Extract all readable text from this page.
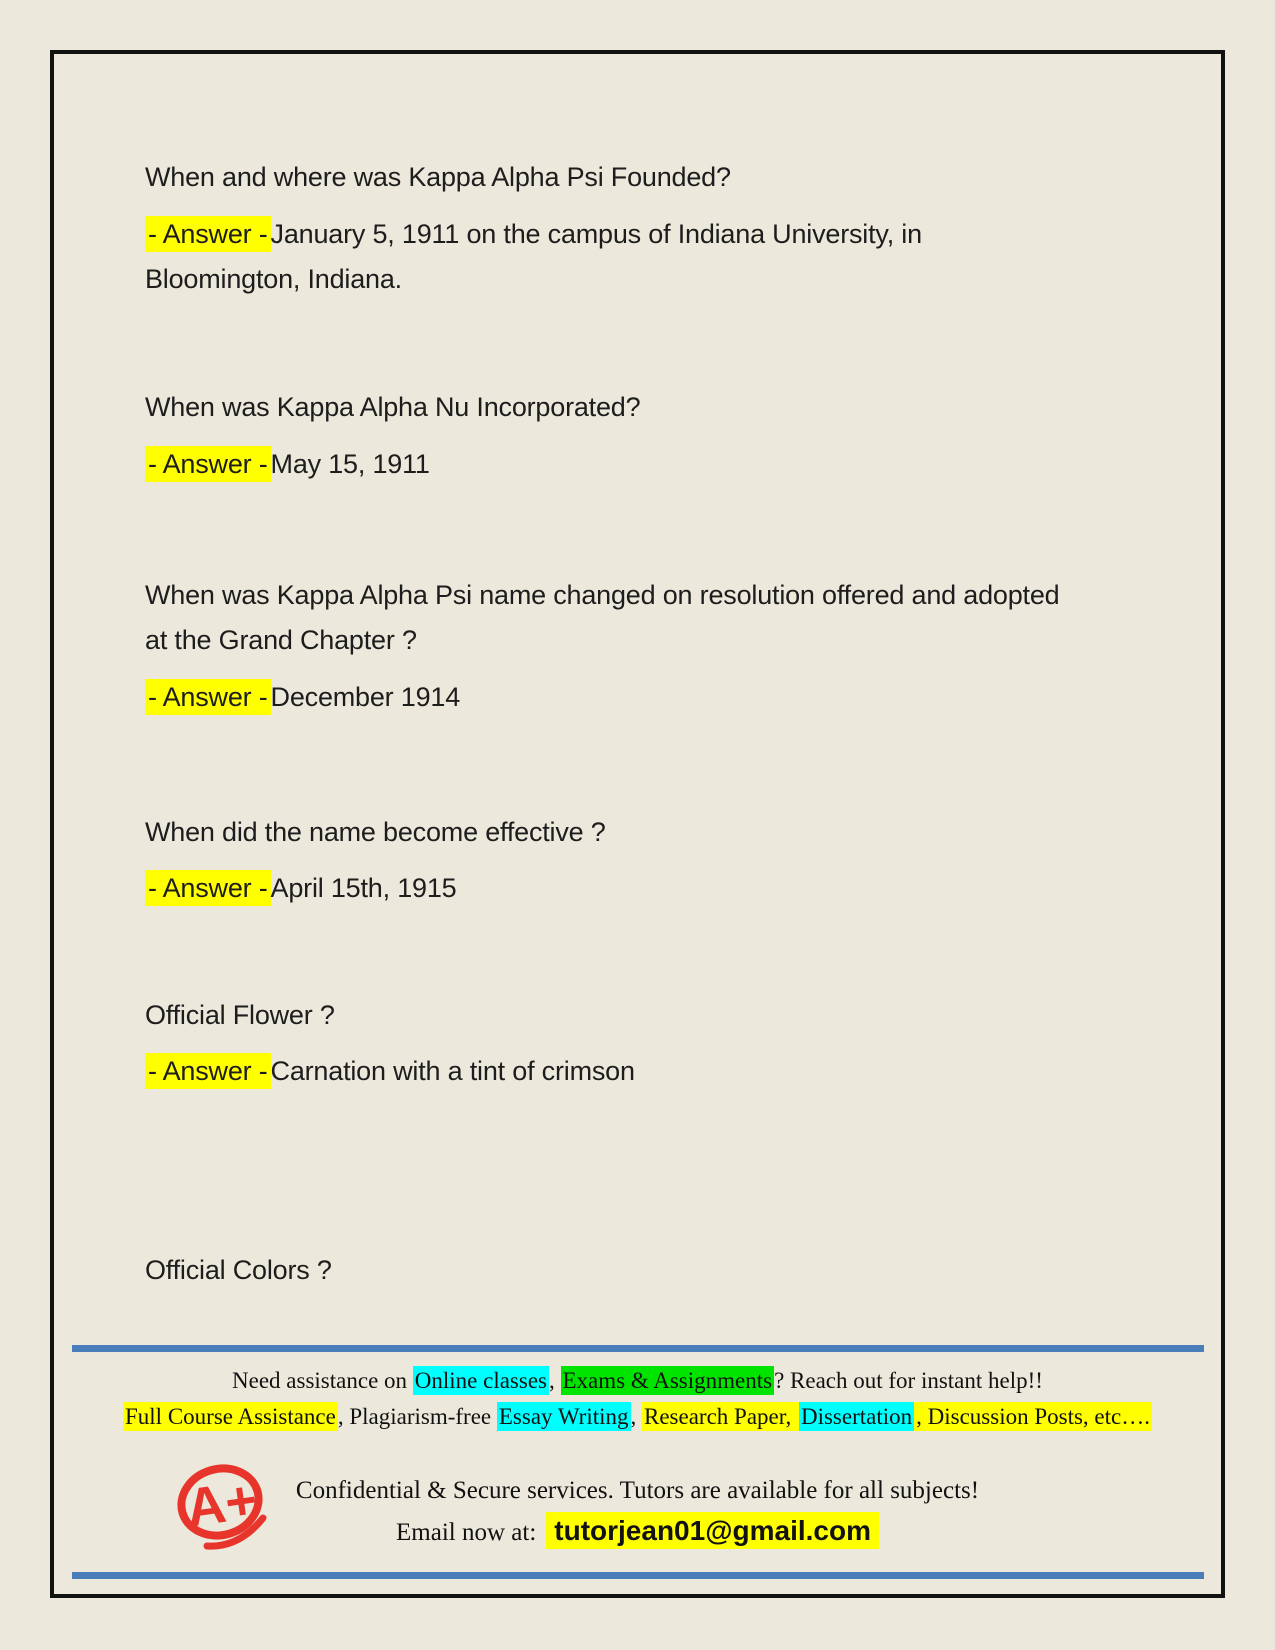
When and where was Kappa Alpha Psi Founded?

- Answer - January 5, 1911 on the campus of Indiana University, in Bloomington, Indiana.

When was Kappa Alpha Nu Incorporated?

- Answer - May 15, 1911

When was Kappa Alpha Psi name changed on resolution offered and adopted at the Grand Chapter ?

- Answer - December 1914

When did the name become effective ?

- Answer - April 15th, 1915

Official Flower ?

- Answer - Carnation with a tint of crimson

Official Colors ?

Need assistance on Online classes, Exams & Assignments? Reach out for instant help!!
Full Course Assistance, Plagiarism-free Essay Writing, Research Paper, Dissertation , Discussion Posts, etc….
A+	Confidential & Secure services. Tutors are available for all subjects!
Email now at: tutorjean01@gmail.com
